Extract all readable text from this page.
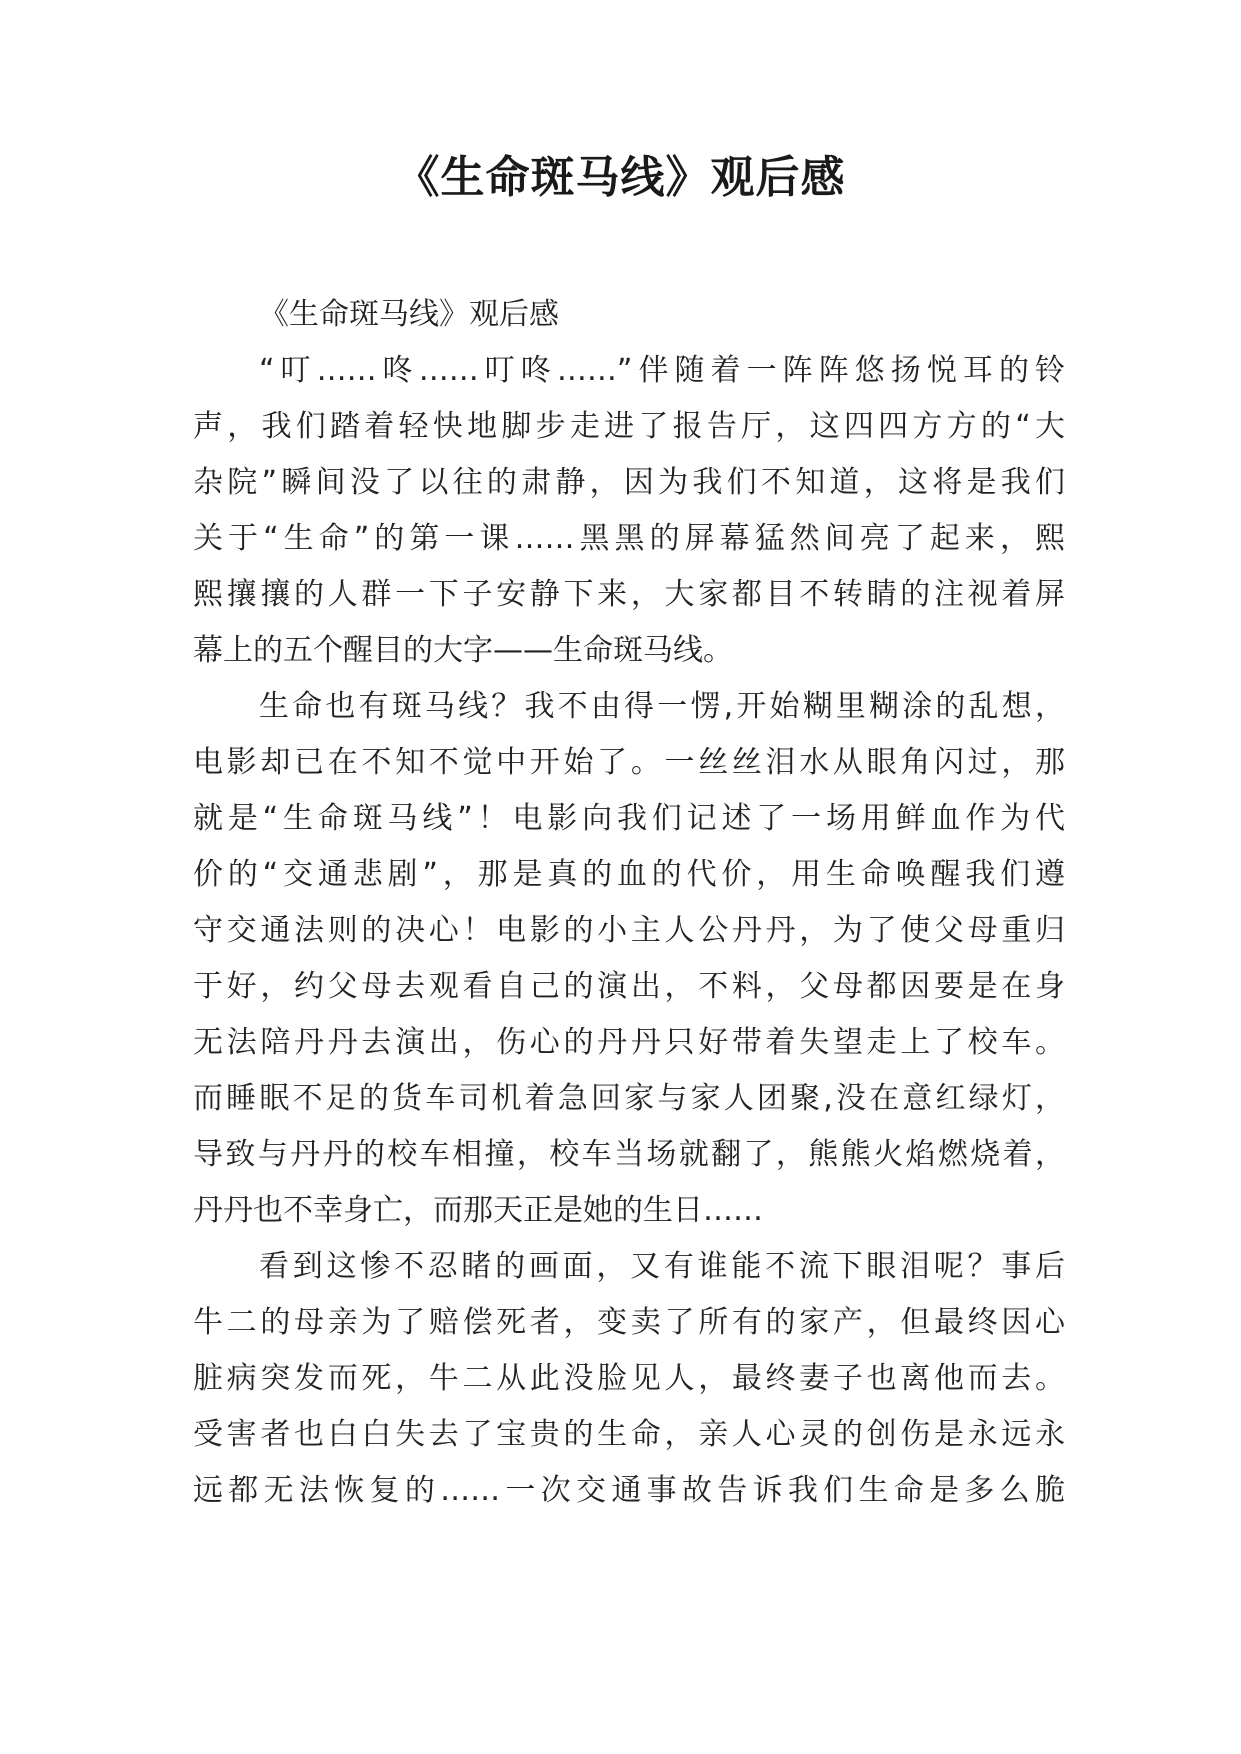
《生命斑马线》观后感
《生命斑马线》观后感
“叮……咚……叮咚……”伴随着一阵阵悠扬悦耳的铃
声，我们踏着轻快地脚步走进了报告厅，这四四方方的“大
杂院”瞬间没了以往的肃静，因为我们不知道，这将是我们
关于“生命”的第一课……黑黑的屏幕猛然间亮了起来，熙
熙攘攘的人群一下子安静下来，大家都目不转睛的注视着屏
幕上的五个醒目的大字——生命斑马线。
生命也有斑马线？我不由得一愣,开始糊里糊涂的乱想，
电影却已在不知不觉中开始了。一丝丝泪水从眼角闪过，那
就是“生命斑马线”！电影向我们记述了一场用鲜血作为代
价的“交通悲剧”，那是真的血的代价，用生命唤醒我们遵
守交通法则的决心！电影的小主人公丹丹，为了使父母重归
于好，约父母去观看自己的演出，不料，父母都因要是在身
无法陪丹丹去演出，伤心的丹丹只好带着失望走上了校车。
而睡眠不足的货车司机着急回家与家人团聚,没在意红绿灯，
导致与丹丹的校车相撞，校车当场就翻了，熊熊火焰燃烧着，
丹丹也不幸身亡，而那天正是她的生日……
看到这惨不忍睹的画面，又有谁能不流下眼泪呢？事后
牛二的母亲为了赔偿死者，变卖了所有的家产，但最终因心
脏病突发而死，牛二从此没脸见人，最终妻子也离他而去。
受害者也白白失去了宝贵的生命，亲人心灵的创伤是永远永
远都无法恢复的……一次交通事故告诉我们生命是多么脆
